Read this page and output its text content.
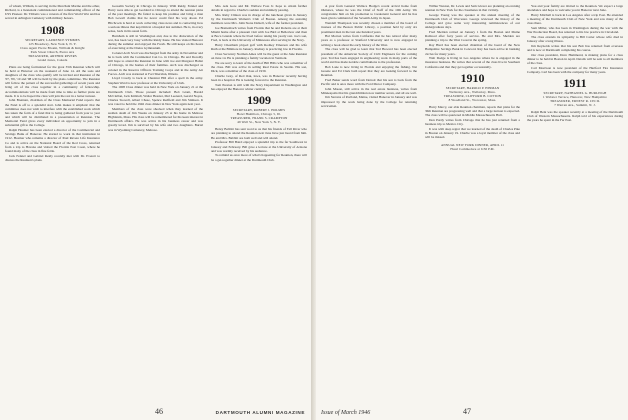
of whom, William, is serving in the Merchant Marine and the other, Richard, is a lieutenant commissioned and commanding officer of the USS Pioneer. Dr. Tibbetts was a veteran of the first World War and has served in Arlington Cemetery with military honors.

1908
SECRETARY, LAURENCE SYMMES
125 Broadway, New York 6, N. Y.
Class Agent Pierre Blouin, William & Knight
Park Street Church, Pierre Ave
TREASURER, ARTHUR RIVERS
Grand Jones, Canada

Plans are being formulated for the great 35th Reunion which will be held at Hanover on the weekend of June 14. All the sons and daughters of the class who qualify will be invited and Reunion of the '07, '09, '10 and '08 will be held by the plans committee. The Reunion will follow the pattern of the successful gatherings of recent years and bring all of the class together in a community of fellowship. Accommodations will be made from time to time as further plans are made. It is to be hoped the class will join the rest in a better turnout.

John Brennan, chairman of the Class Memorial Fund reports that the Fund is off to a splendid start. John makes it emphatic that the committee does not wish to interfere with the established work which has taken the form of a fund that is being gathered from year to year and which will be distributed in a presentation at Reunion. The Memorial Fund gives every individual an opportunity to join in a substantial gift to the College.

Ralph Hosmer has been elected a director of the Commercial and Savings Bank of Hanover. He started to work in that institution in 1912. Hosmer who remains a director of Paul Revere Life Insurance Co and is active on the National Board of the Red Cross, returned from a trip to Havana and visited the Florida East Coast, where he found many of the class in fine fettle.

Jack Fennel and Gabriel Reidy recently met with Dr. Everett to discuss the Reunion's plans.

Gosselin Society in Chicago in January. With Reidy, Fennel and Harry were able to get Goddard to Chicago to attend the reunion plans of the past meetings. He failed to keep his promise and bring a man Bob Lowell claims that he never could find his way about. Ed Hitchcock is hard at work collecting class news and is contacting how a serious illness that kept him in a hospital last summer. He is, in every sense, back in his usual form.

Burnham is still in Washington and, due to the dislocation of the war, has been very busy with the Reidy Kane. He has visited Hanover during the summer and enjoyed the Fresh. He still keeps on his hours of exercising at the Dreiss Gymnasium.

Colonel Arch Scott was discharged from the army in November and he is back with the Continental Can Co. in Chicago. He and Dorothy still hope to attend the Reunion in June with Joe and Margaret Hallet of Chicago, in the homes of their families. Arch was discharged as colonel in the Reserve Officers Training Corps and in the Army Air Forces. Arch was stationed at Fort Sheridan, Illinois.

Lloyd Crosby is back at Chestnut Hill after a spell in the army. Stephen Ward is now professor at the University of Utah.

The 1908 Class dinner was held in New York on January 21 at the Dartmouth Club. Those present included: Bob Grant, Harold McClellan, Jack Kimball, Walter Hessler, Mel Leonard, Gerald Noyes, Charles Stowell, Albert Chase, Spence Redfield and Jim Stimson. It was voted to hold the 1946 class dinner in New York again next year.

Members of the class were shocked when they learned of the sudden death of Jim Weeks on January 23 at his home in Melrose Highlands, Mass. His class will be remembered for his keen interest in Dartmouth affairs. He was active in his business career and was greatly loved. Jim is survived by his wife and two daughters. Burial was in Wyoming Cemetery, Melrose.

Mrs. Ada Gore and Mr. Wallace Foss Jr. hope to obtain further details in regard to Charlie's sudden and untimely passing.

Mrs. Ruby Clinton was in charge of the luncheon given in January by the Dartmouth Women's Club of Boston. Among the assisting members were Mrs. John Stone Dalzell, wife of the former president.

Joe Breitenbach writes from Florida that he and Roberta are at their Miami home after a pleasant visit with Joe Bird at Belleview and then at Boca Grande where he lived before taking his yearly rest. Joe's son, Fred, is back at the University of Minnesota after serving in the Navy.

Harry Cheatham played golf with Rodney Emerson and his wife Ruth at the Biltmore in January. Rodney is practicing law in Florida.

Class Secretary Norman Ames will be the guest at the June Reunion on June 14. He is planning a family vacation in Vermont.

We are sorry to learn of the death of Bill Hills who was a member of the class. Bill was active in selling Real Estate in Seattle. His son, Dick, was a member of the class of 1939.

Charlie Gray, of Red Oak, Iowa, was in Hanover recently having been in a hospital. He is looking forward to the Reunion.

Tom Preston is still with the Navy Department in Washington and has enjoyed the Hanover winter carnival.

1909
SECRETARY, ROBERT J. HOLMES
Hotel Hamilton, Chicago 5, Ill.
TREASURER, FRANK S. CRAMPTON
49 Wall St., New York 5, N. Y.

Henry Babbitt has sent word to us that his friends of Fall River who are planning to attend the Reunion next June have just heard from him. He and Mrs. Babbitt are both well and will attend.

Professor Bill Baird enjoyed a splendid trip to the far Southwest in January and February. Bill gave a lecture at the University of Arizona and was warmly received by his audience.

To remind us once more of what's happening for Reunion, there will be a get-together dinner at the Dartmouth Club.

46	DARTMOUTH ALUMNI MAGAZINE

A year from General Wallace Hodge's recent arrival home from Okinawa, where he was the Chief of Staff of the 10th Army. We congratulate him on his promotion to Lieutenant General and he has been given command of the Seventh Army in Japan.

Wendell Thompson was recently chosen a member of the board of trustees of the Boston Public Library, a position held by only six prominent men in the last one hundred years.

Hal Morton writes from California that he has retired after many years as a professor at Stanford University and is now engaged in writing a book about the early history of the West.

The class will be glad to learn that Ted Howard has been elected president of the American Society of Civil Engineers for the coming year. Ted has been engaged in engineering work in many parts of the world and has made notable contributions to the profession.

Bob Lane is now living in Florida and enjoying the fishing. Nat Greene and Ed Clark both report that they are looking forward to the Reunion.

Fred Baker sends word from Detroit that his son is back from the Pacific and is once more with the Ford Motor Company.

John Mason, still active in the real estate business, writes from Minneapolis that his grandchildren now number seven, and all are well.

Jim Stevens of Portland, Maine, visited Hanover in January and was impressed by the work being done by the College for returning servicemen.

Wilbur Weston, Dr. Lewis and Sam Glover are planning an evening reunion in New York for the classmates in that vicinity.

George Young was the speaker at the annual meeting of the Dartmouth Club of Worcester. George reviewed the history of the College and gave some very interesting reminiscences of our undergraduate days.

Fred Sheldon retired on January 1 from the Boston and Maine Railroad after forty years of service. He and Mrs. Sheldon are planning a trip to the West Coast in the spring.

Ray Hurd has been elected chairman of the board of the New Hampshire Savings Bank in Concord. Ray has been active in banking circles for many years.

Walt Dodge is living in Los Angeles where he is engaged in the insurance business. He writes that several of the class live in Southern California and that they get together occasionally.

1910
SECRETARY, HAROLD P. HINMAN
Wellesley Ave., Wellesley, Mass.
TREASURER, CLIFFORD B. COTTON
8 Woodland St., Worcester, Mass.

Harry Marcy, our able Reunion chairman, reports that plans for the 36th Reunion are progressing well and that a large turnout is expected. The class will be quartered in Middle Massachusetts Hall.

Don Purdy writes from Chicago that he has just returned from a business trip to Mexico City.

It was with deep regret that we learned of the death of Charles Pike in Boston on January 19. Charlie was a loyal member of the class and will be missed.

ANNUAL NEW YORK DINNER, APRIL 11
Hotel Commodore at 6:30 P.M.

You and your family are invited to the Reunion. We expect a large attendance and hope to welcome you in Hanover next June.

Harry Mitchell is back in Los Angeles after a trip East. He attended a meeting of the Dartmouth Club of New York and saw many of the class there.

Sam Miller, who has been in Washington during the war with the War Production Board, has returned to his law practice in Cleveland.

The class extends its sympathy to Bill Carter whose wife died in January after a long illness.

Jim Reynolds writes that his son Bob has returned from overseas and is now at Dartmouth completing his course.

Our class president, Dave Hammond, is making plans for a class dinner to be held in Boston in April. Details will be sent to all members of the class.

Carl Morrison is now president of the Hartford Fire Insurance Company. Carl has been with the company for many years.

1911
SECRETARY, NATHANIEL G. BURLEIGH
1 Webster Terrace, Hanover, New Hampshire
TREASURER, ERNEST R. CECIL
7 Warren Ave., Summit, N. J.

Ralph Bent was the speaker recently at a meeting of the Dartmouth Club of Western Massachusetts. Ralph told of his experiences during the years he spent in the Far East.

Issue of March 1946	47
